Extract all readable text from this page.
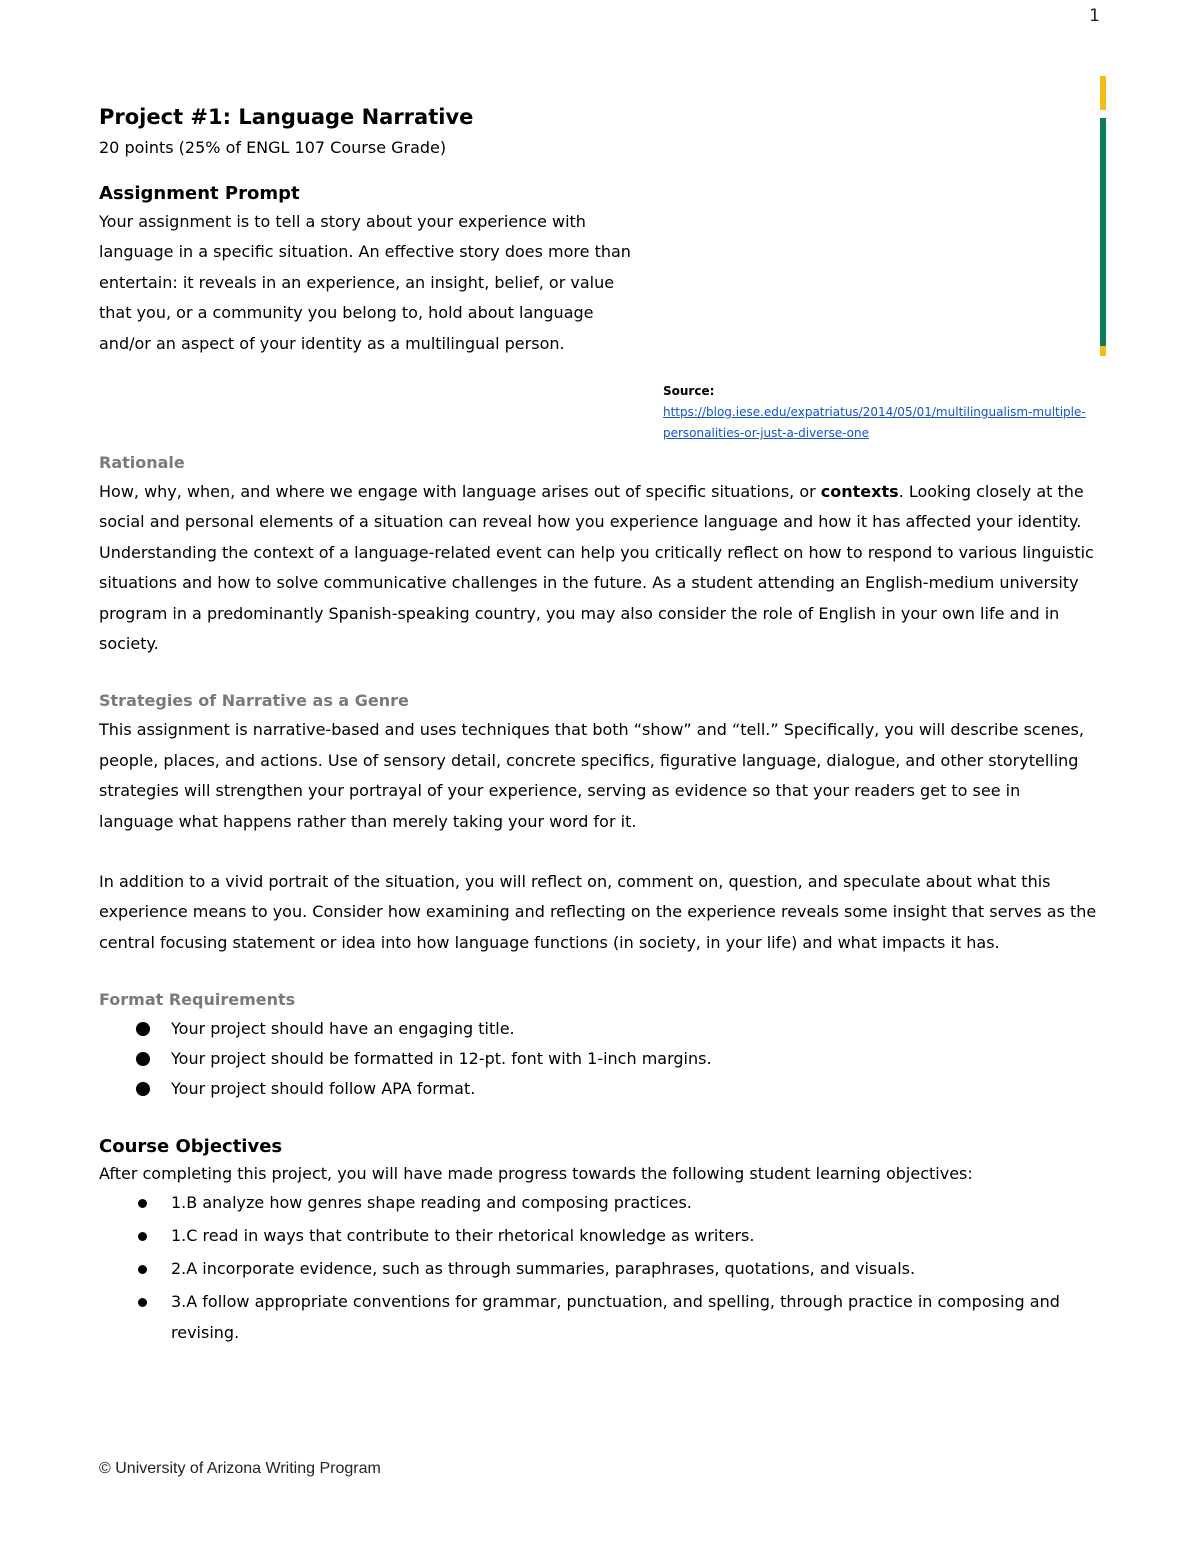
1
Project #1: Language Narrative

20 points (25% of ENGL 107 Course Grade)

Assignment Prompt

Your assignment is to tell a story about your experience with language in a specific situation. An effective story does more than entertain: it reveals in an experience, an insight, belief, or value that you, or a community you belong to, hold about language and/or an aspect of your identity as a multilingual person.

Source:
https://blog.iese.edu/expatriatus/2014/05/01/multilingualism-multiple-personalities-or-just-a-diverse-one
Rationale

How, why, when, and where we engage with language arises out of specific situations, or contexts. Looking closely at the social and personal elements of a situation can reveal how you experience language and how it has affected your identity. Understanding the context of a language-related event can help you critically reflect on how to respond to various linguistic situations and how to solve communicative challenges in the future. As a student attending an English-medium university program in a predominantly Spanish-speaking country, you may also consider the role of English in your own life and in society.

Strategies of Narrative as a Genre

This assignment is narrative-based and uses techniques that both “show” and “tell.” Specifically, you will describe scenes, people, places, and actions. Use of sensory detail, concrete specifics, figurative language, dialogue, and other storytelling strategies will strengthen your portrayal of your experience, serving as evidence so that your readers get to see in language what happens rather than merely taking your word for it.

In addition to a vivid portrait of the situation, you will reflect on, comment on, question, and speculate about what this experience means to you. Consider how examining and reflecting on the experience reveals some insight that serves as the central focusing statement or idea into how language functions (in society, in your life) and what impacts it has.

Format Requirements
Your project should have an engaging title.
Your project should be formatted in 12-pt. font with 1-inch margins.
Your project should follow APA format.
Course Objectives

After completing this project, you will have made progress towards the following student learning objectives:

1.B analyze how genres shape reading and composing practices.
1.C read in ways that contribute to their rhetorical knowledge as writers.
2.A incorporate evidence, such as through summaries, paraphrases, quotations, and visuals.
3.A follow appropriate conventions for grammar, punctuation, and spelling, through practice in composing and revising.
© University of Arizona Writing Program
